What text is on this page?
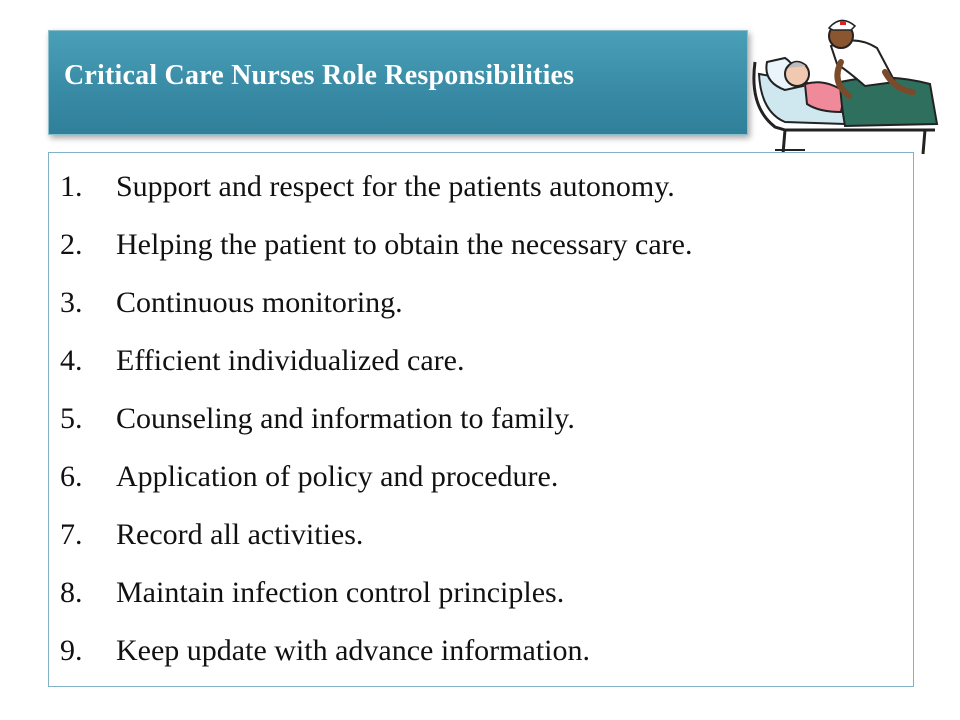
Critical Care Nurses Role Responsibilities
1.	Support and respect for the patients autonomy.
2.	Helping the patient to obtain the necessary care.
3.	Continuous monitoring.
4.	Efficient individualized care.
5.	Counseling and information to family.
6.	Application of policy and procedure.
7.	Record all activities.
8.	Maintain infection control principles.
9.	Keep update with advance information.
